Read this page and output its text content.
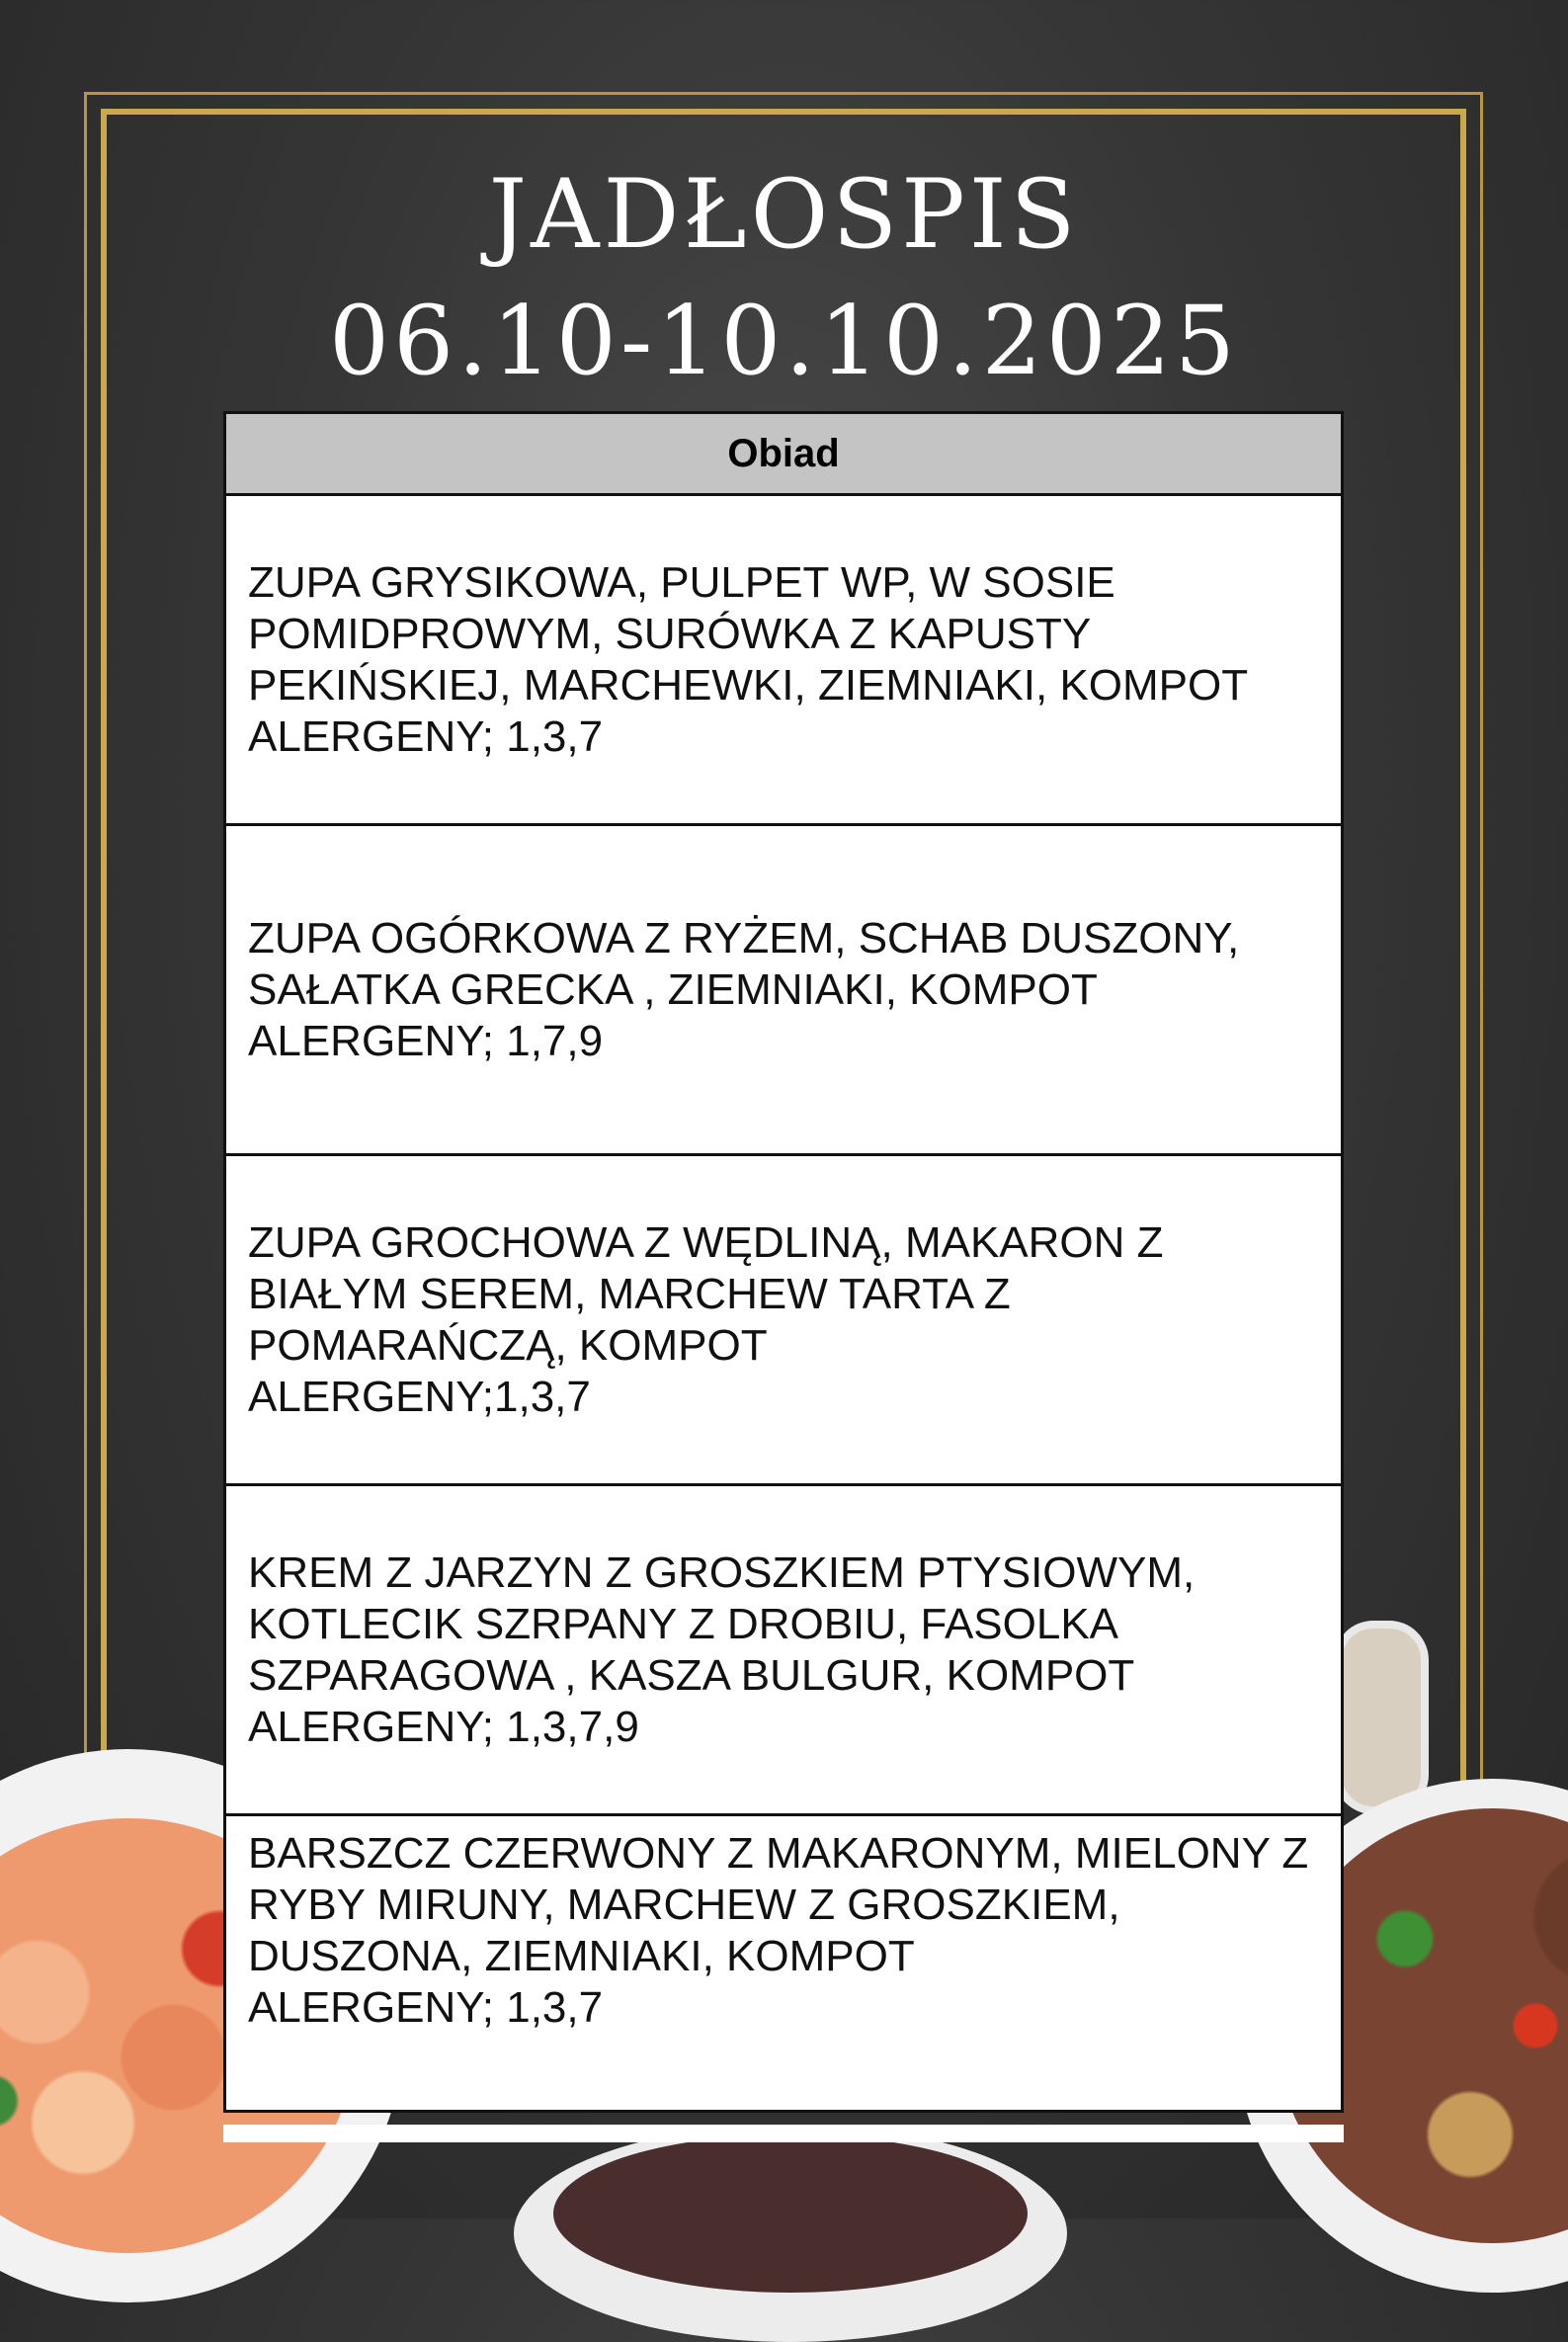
JADŁOSPIS
06.10-10.10.2025
Obiad

ZUPA GRYSIKOWA, PULPET WP, W SOSIE POMIDPROWYM, SURÓWKA Z KAPUSTY PEKIŃSKIEJ, MARCHEWKI, ZIEMNIAKI, KOMPOT

ALERGENY; 1,3,7

ZUPA OGÓRKOWA Z RYŻEM, SCHAB DUSZONY, SAŁATKA GRECKA , ZIEMNIAKI, KOMPOT

ALERGENY; 1,7,9

ZUPA GROCHOWA Z WĘDLINĄ, MAKARON Z BIAŁYM SEREM, MARCHEW TARTA Z POMARAŃCZĄ, KOMPOT

ALERGENY;1,3,7

KREM Z JARZYN Z GROSZKIEM PTYSIOWYM, KOTLECIK SZRPANY Z DROBIU, FASOLKA SZPARAGOWA , KASZA BULGUR, KOMPOT

ALERGENY; 1,3,7,9

BARSZCZ CZERWONY Z MAKARONYM, MIELONY Z RYBY MIRUNY, MARCHEW Z GROSZKIEM, DUSZONA, ZIEMNIAKI, KOMPOT

ALERGENY; 1,3,7
